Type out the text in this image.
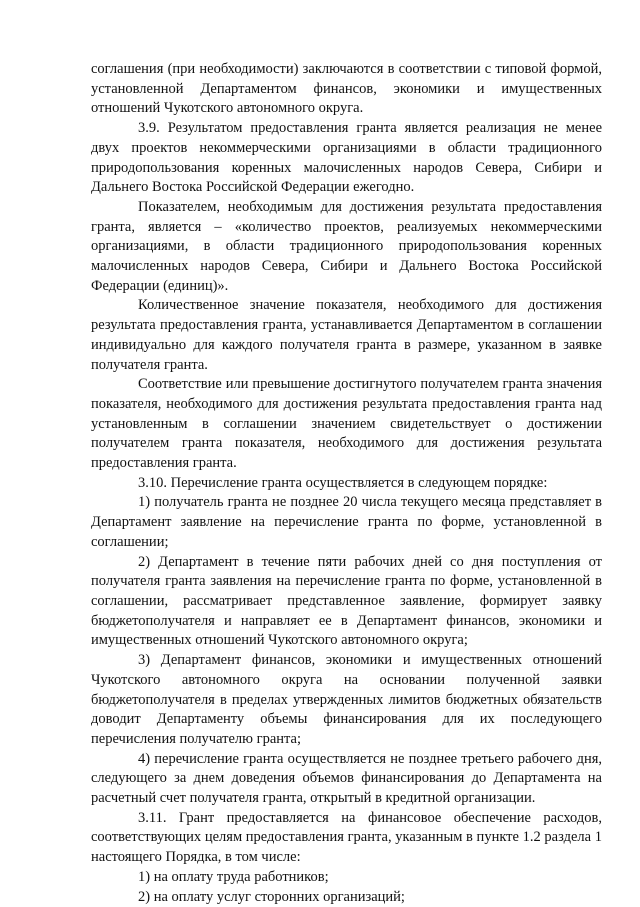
соглашения (при необходимости) заключаются в соответствии с типовой формой, установленной Департаментом финансов, экономики и имущественных отношений Чукотского автономного округа.

3.9. Результатом предоставления гранта является реализация не менее двух проектов некоммерческими организациями в области традиционного природопользования коренных малочисленных народов Севера, Сибири и Дальнего Востока Российской Федерации ежегодно.

Показателем, необходимым для достижения результата предоставления гранта, является – «количество проектов, реализуемых некоммерческими организациями, в области традиционного природопользования коренных малочисленных народов Севера, Сибири и Дальнего Востока Российской Федерации (единиц)».

Количественное значение показателя, необходимого для достижения результата предоставления гранта, устанавливается Департаментом в соглашении индивидуально для каждого получателя гранта в размере, указанном в заявке получателя гранта.

Соответствие или превышение достигнутого получателем гранта значения показателя, необходимого для достижения результата предоставления гранта над установленным в соглашении значением свидетельствует о достижении получателем гранта показателя, необходимого для достижения результата предоставления гранта.

3.10. Перечисление гранта осуществляется в следующем порядке:

1) получатель гранта не позднее 20 числа текущего месяца представляет в Департамент заявление на перечисление гранта по форме, установленной в соглашении;

2) Департамент в течение пяти рабочих дней со дня поступления от получателя гранта заявления на перечисление гранта по форме, установленной в соглашении, рассматривает представленное заявление, формирует заявку бюджетополучателя и направляет ее в Департамент финансов, экономики и имущественных отношений Чукотского автономного округа;

3) Департамент финансов, экономики и имущественных отношений Чукотского автономного округа на основании полученной заявки бюджетополучателя в пределах утвержденных лимитов бюджетных обязательств доводит Департаменту объемы финансирования для их последующего перечисления получателю гранта;

4) перечисление гранта осуществляется не позднее третьего рабочего дня, следующего за днем доведения объемов финансирования до Департамента на расчетный счет получателя гранта, открытый в кредитной организации.

3.11. Грант предоставляется на финансовое обеспечение расходов, соответствующих целям предоставления гранта, указанным в пункте 1.2 раздела 1 настоящего Порядка, в том числе:

1) на оплату труда работников;

2) на оплату услуг сторонних организаций;
